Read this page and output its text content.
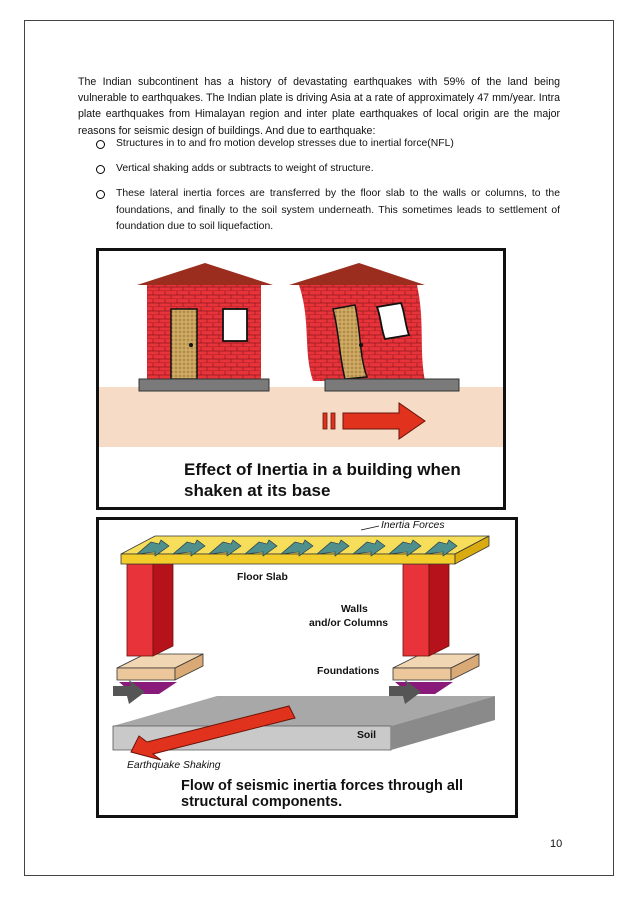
The Indian subcontinent has a history of devastating earthquakes with 59% of the land being vulnerable to earthquakes. The Indian plate is driving Asia at a rate of approximately 47 mm/year. Intra plate earthquakes from Himalayan region and inter plate earthquakes of local origin are the major reasons for seismic design of buildings. And due to earthquake:

Structures in to and fro motion develop stresses due to inertial force(NFL)
Vertical shaking adds or subtracts to weight of structure.
These lateral inertia forces are transferred by the floor slab to the walls or columns, to the foundations, and finally to the soil system underneath. This sometimes leads to settlement of foundation due to soil liquefaction.
Effect of Inertia in a building when shaken at its base
Inertia Forces
Floor Slab
Walls
and/or Columns
Foundations
Soil
Earthquake Shaking
Flow of seismic inertia forces through all structural components.
10
